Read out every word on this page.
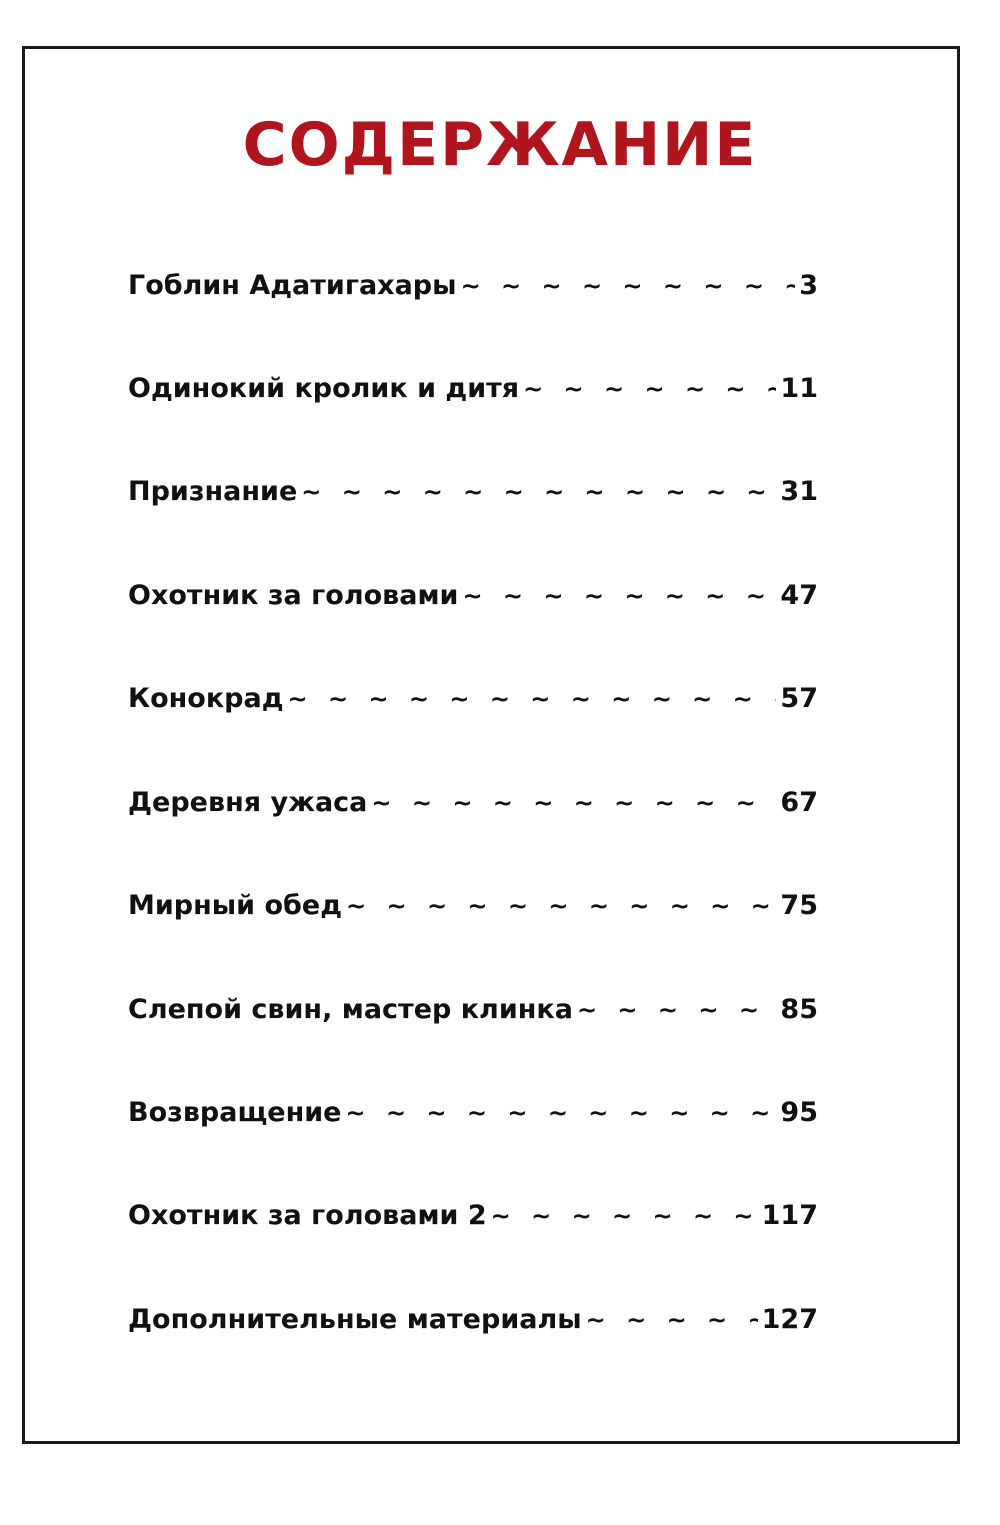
СОДЕРЖАНИЕ
Гоблин Адатигахары ~ ~ ~	3
Одинокий кролик и дитя ~ ~ ~	11
Признание ~ ~ ~	31
Охотник за головами ~ ~ ~	47
Конокрад ~ ~ ~	57
Деревня ужаса ~ ~ ~	67
Мирный обед ~ ~ ~	75
Слепой свин, мастер клинка ~ ~ ~	85
Возвращение ~ ~ ~	95
Охотник за головами 2 ~ ~ ~	117
Дополнительные материалы ~ ~ ~	127
